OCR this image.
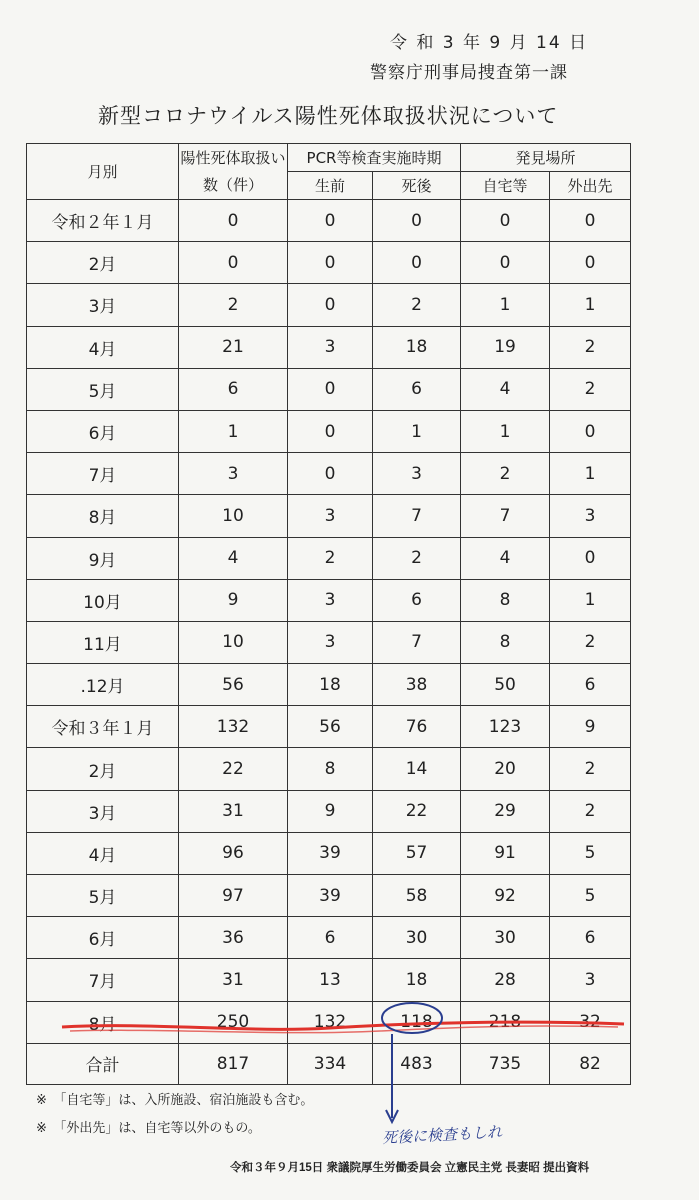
令 和 3 年 9 月 14 日
警察庁刑事局捜査第一課
新型コロナウイルス陽性死体取扱状況について
月別	陽性死体取扱い数（件）	PCR等検査実施時期		発見場所	
		生前	死後	自宅等	外出先
令和２年１月	0	0	0	0	0
2月	0	0	0	0	0
3月	2	0	2	1	1
4月	21	3	18	19	2
5月	6	0	6	4	2
6月	1	0	1	1	0
7月	3	0	3	2	1
8月	10	3	7	7	3
9月	4	2	2	4	0
10月	9	3	6	8	1
11月	10	3	7	8	2
.12月	56	18	38	50	6
令和３年１月	132	56	76	123	9
2月	22	8	14	20	2
3月	31	9	22	29	2
4月	96	39	57	91	5
5月	97	39	58	92	5
6月	36	6	30	30	6
7月	31	13	18	28	3
8月	250	132	118	218	32
合計	817	334	483	735	82
※　「自宅等」は、入所施設、宿泊施設も含む。
※　「外出先」は、自宅等以外のもの。	死後に検査もしれ
令和３年９月15日 衆議院厚生労働委員会 立憲民主党 長妻昭 提出資料
